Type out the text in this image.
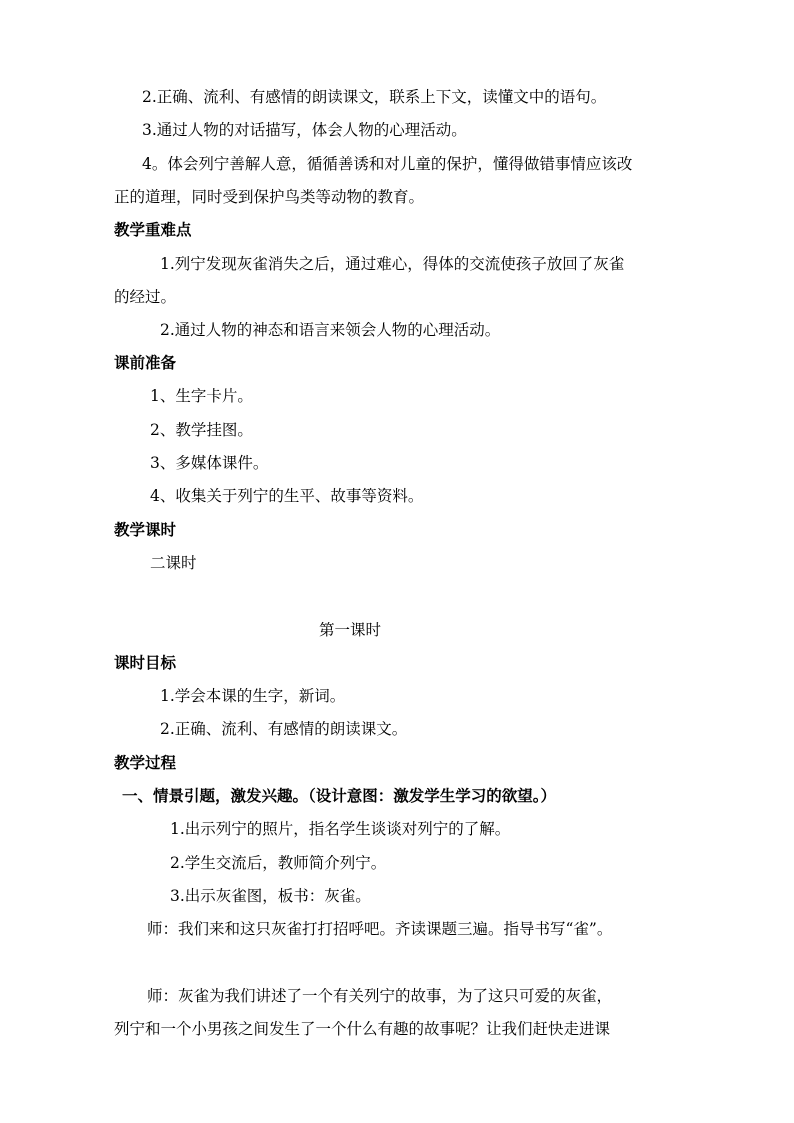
2.正确、流利、有感情的朗读课文，联系上下文，读懂文中的语句。
3.通过人物的对话描写，体会人物的心理活动。
4。体会列宁善解人意，循循善诱和对儿童的保护，懂得做错事情应该改
正的道理，同时受到保护鸟类等动物的教育。
教学重难点
1.列宁发现灰雀消失之后，通过难心，得体的交流使孩子放回了灰雀
的经过。
2.通过人物的神态和语言来领会人物的心理活动。
课前准备
1、生字卡片。
2、教学挂图。
3、多媒体课件。
4、收集关于列宁的生平、故事等资料。
教学课时
二课时
第一课时
课时目标
1.学会本课的生字，新词。
2.正确、流利、有感情的朗读课文。
教学过程
一、情景引题，激发兴趣。（设计意图：激发学生学习的欲望。）
1.出示列宁的照片，指名学生谈谈对列宁的了解。
2.学生交流后，教师简介列宁。
3.出示灰雀图，板书：灰雀。
师：我们来和这只灰雀打打招呼吧。齐读课题三遍。指导书写“雀”。
师：灰雀为我们讲述了一个有关列宁的故事，为了这只可爱的灰雀，
列宁和一个小男孩之间发生了一个什么有趣的故事呢？让我们赶快走进课
